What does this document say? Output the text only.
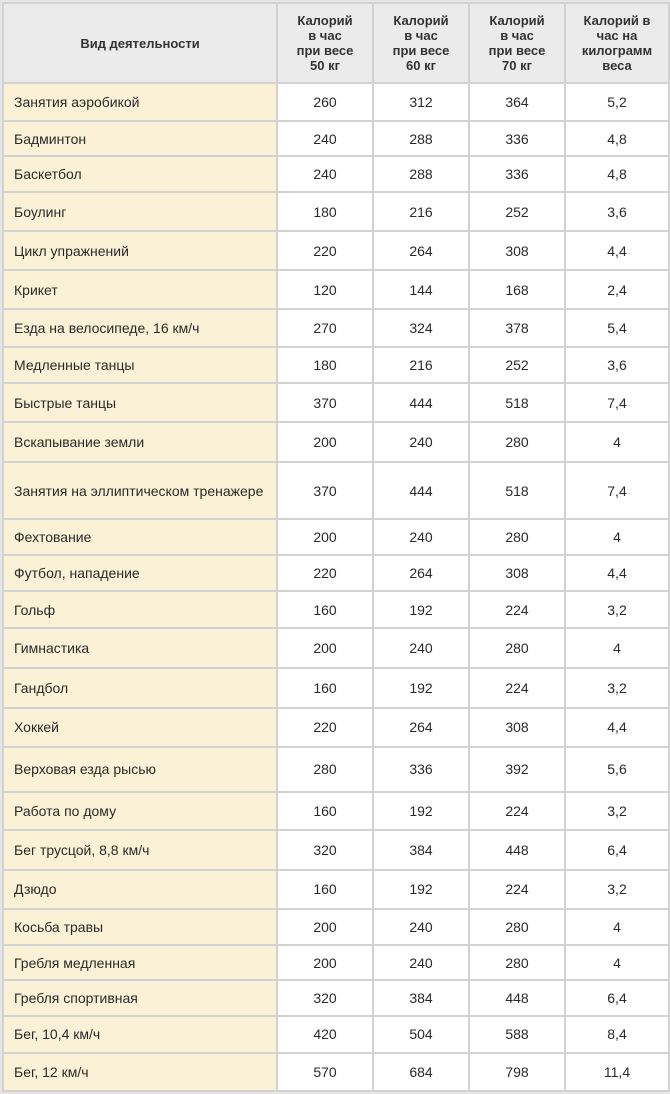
Вид деятельности	Калорий
в час
при весе
50 кг	Калорий
в час
при весе
60 кг	Калорий
в час
при весе
70 кг	Калорий в
час на
килограмм
веса

Занятия аэробикой	260	312	364	5,2
Бадминтон	240	288	336	4,8
Баскетбол	240	288	336	4,8
Боулинг	180	216	252	3,6
Цикл упражнений	220	264	308	4,4
Крикет	120	144	168	2,4
Езда на велосипеде, 16 км/ч	270	324	378	5,4
Медленные танцы	180	216	252	3,6
Быстрые танцы	370	444	518	7,4
Вскапывание земли	200	240	280	4
Занятия на эллиптическом тренажере	370	444	518	7,4
Фехтование	200	240	280	4
Футбол, нападение	220	264	308	4,4
Гольф	160	192	224	3,2
Гимнастика	200	240	280	4
Гандбол	160	192	224	3,2
Хоккей	220	264	308	4,4
Верховая езда рысью	280	336	392	5,6
Работа по дому	160	192	224	3,2
Бег трусцой, 8,8 км/ч	320	384	448	6,4
Дзюдо	160	192	224	3,2
Косьба травы	200	240	280	4
Гребля медленная	200	240	280	4
Гребля спортивная	320	384	448	6,4
Бег, 10,4 км/ч	420	504	588	8,4
Бег, 12 км/ч	570	684	798	11,4
